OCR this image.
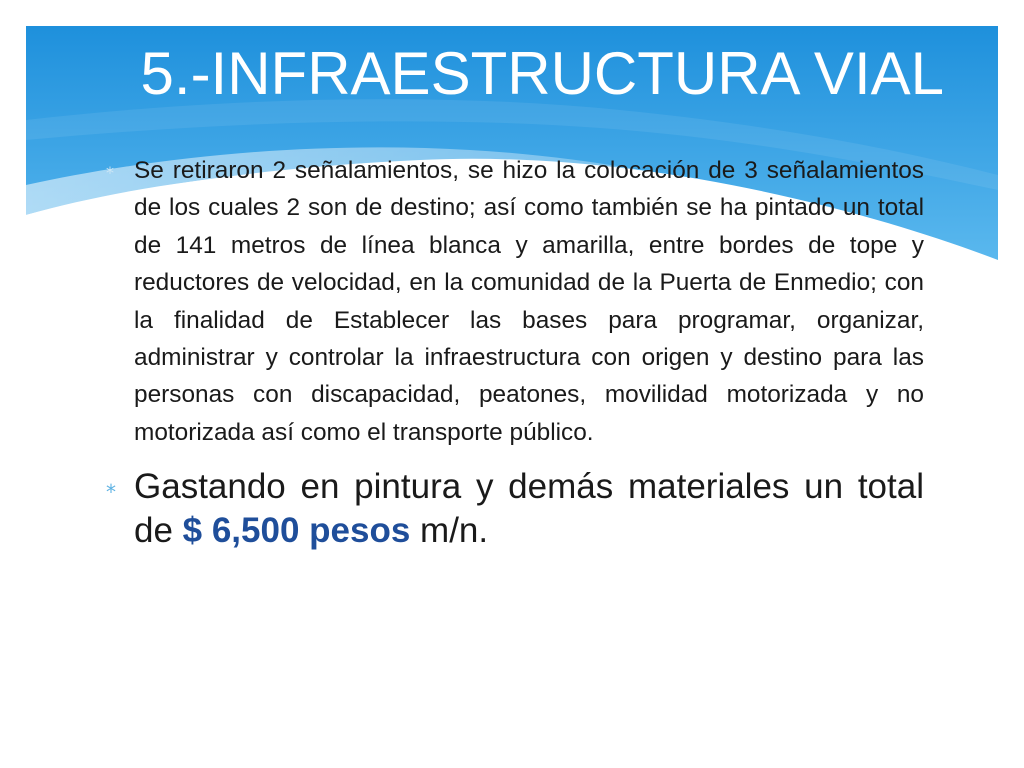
5.-INFRAESTRUCTURA VIAL
* Se retiraron 2 señalamientos, se hizo la colocación de 3 señalamientos de los cuales 2 son de destino; así como también se ha pintado un total de 141 metros de línea blanca y amarilla, entre bordes de tope y reductores de velocidad, en la comunidad de la Puerta de Enmedio; con la finalidad de Establecer las bases para programar, organizar, administrar y controlar la infraestructura con origen y destino para las personas con discapacidad, peatones, movilidad motorizada y no motorizada así como el transporte público.
* Gastando en pintura y demás materiales un total de $ 6,500 pesos m/n.
